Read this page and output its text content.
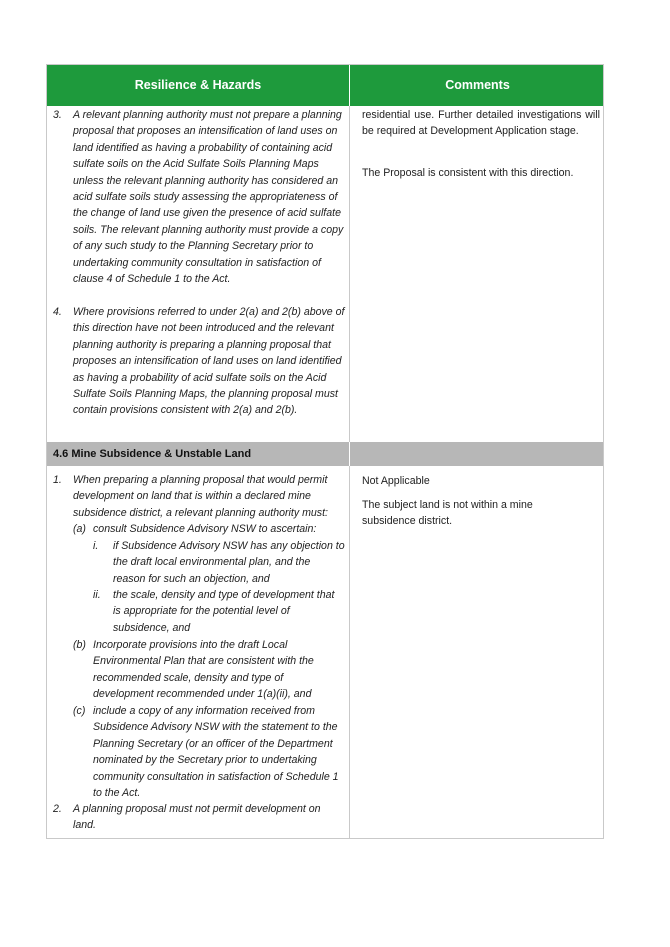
Resilience & Hazards	Comments
3. A relevant planning authority must not prepare a planning proposal that proposes an intensification of land uses on land identified as having a probability of containing acid sulfate soils on the Acid Sulfate Soils Planning Maps unless the relevant planning authority has considered an acid sulfate soils study assessing the appropriateness of the change of land use given the presence of acid sulfate soils. The relevant planning authority must provide a copy of any such study to the Planning Secretary prior to undertaking community consultation in satisfaction of clause 4 of Schedule 1 to the Act.
4. Where provisions referred to under 2(a) and 2(b) above of this direction have not been introduced and the relevant planning authority is preparing a planning proposal that proposes an intensification of land uses on land identified as having a probability of acid sulfate soils on the Acid Sulfate Soils Planning Maps, the planning proposal must contain provisions consistent with 2(a) and 2(b).
residential use. Further detailed investigations will be required at Development Application stage.
The Proposal is consistent with this direction.
4.6 Mine Subsidence & Unstable Land
1. When preparing a planning proposal that would permit development on land that is within a declared mine subsidence district, a relevant planning authority must:
(a) consult Subsidence Advisory NSW to ascertain:
i. if Subsidence Advisory NSW has any objection to the draft local environmental plan, and the reason for such an objection, and
ii. the scale, density and type of development that is appropriate for the potential level of subsidence, and
(b) Incorporate provisions into the draft Local Environmental Plan that are consistent with the recommended scale, density and type of development recommended under 1(a)(ii), and
(c) include a copy of any information received from Subsidence Advisory NSW with the statement to the Planning Secretary (or an officer of the Department nominated by the Secretary prior to undertaking community consultation in satisfaction of Schedule 1 to the Act.
2. A planning proposal must not permit development on land.
Not Applicable
The subject land is not within a mine subsidence district.
